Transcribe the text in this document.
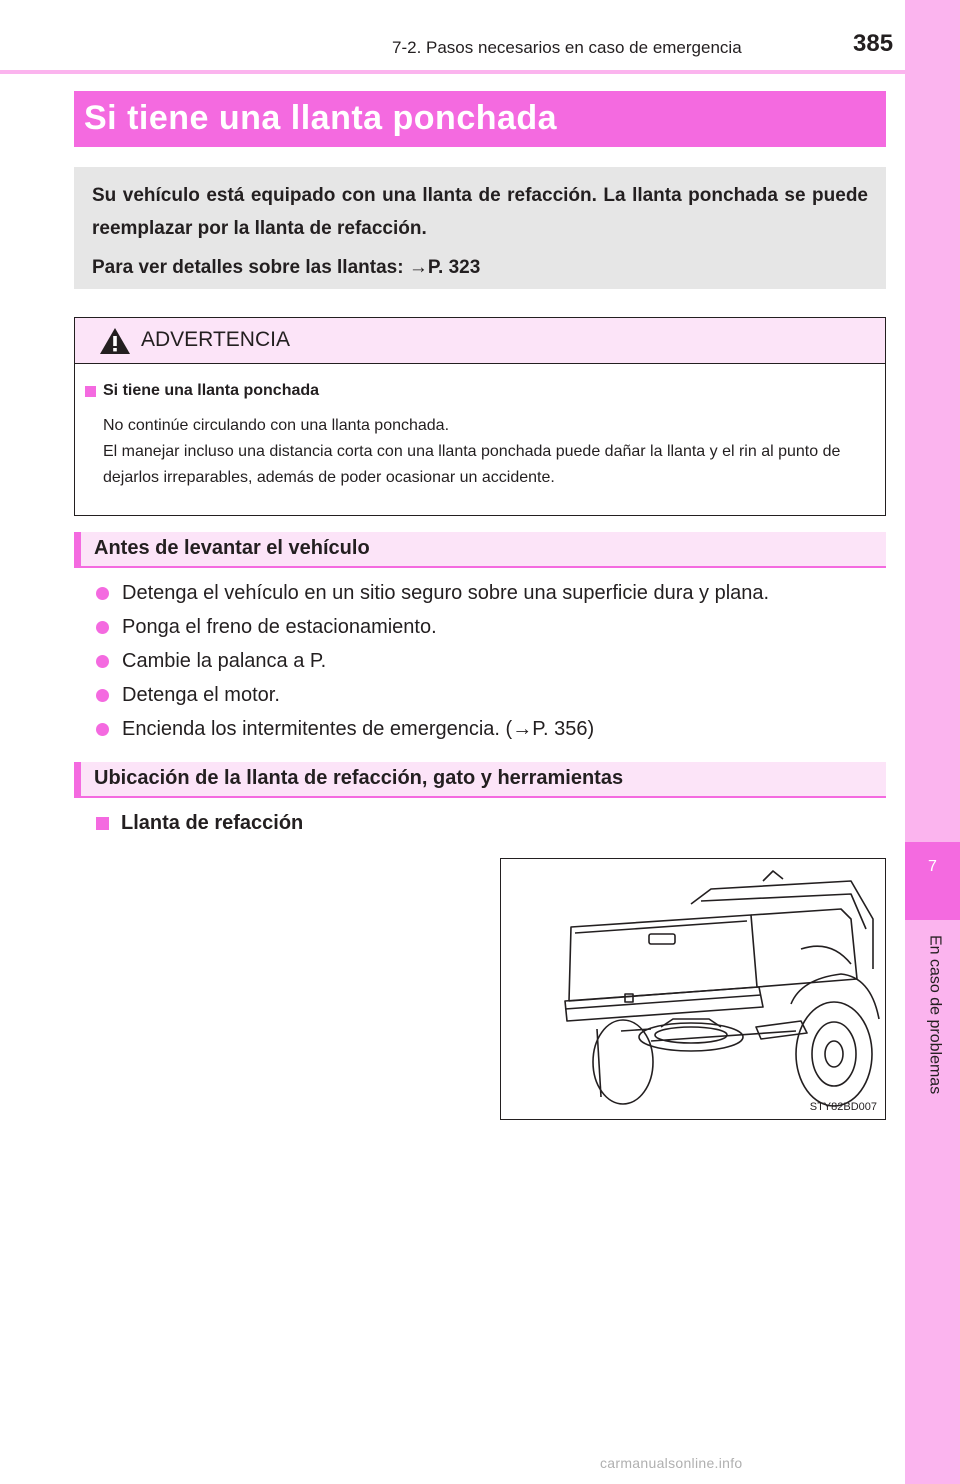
7
En caso de problemas
7-2. Pasos necesarios en caso de emergencia	385
Si tiene una llanta ponchada

Su vehículo está equipado con una llanta de refacción. La llanta ponchada se puede reemplazar por la llanta de refacción.

Para ver detalles sobre las llantas: →P. 323

ADVERTENCIA
Si tiene una llanta ponchada

No continúe circulando con una llanta ponchada.

El manejar incluso una distancia corta con una llanta ponchada puede dañar la llanta y el rin al punto de dejarlos irreparables, además de poder ocasionar un accidente.

Antes de levantar el vehículo
Detenga el vehículo en un sitio seguro sobre una superficie dura y plana.
Ponga el freno de estacionamiento.
Cambie la palanca a P.
Detenga el motor.
Encienda los intermitentes de emergencia. (→P. 356)
Ubicación de la llanta de refacción, gato y herramientas
Llanta de refacción
STY82BD007
carmanualsonline.info
